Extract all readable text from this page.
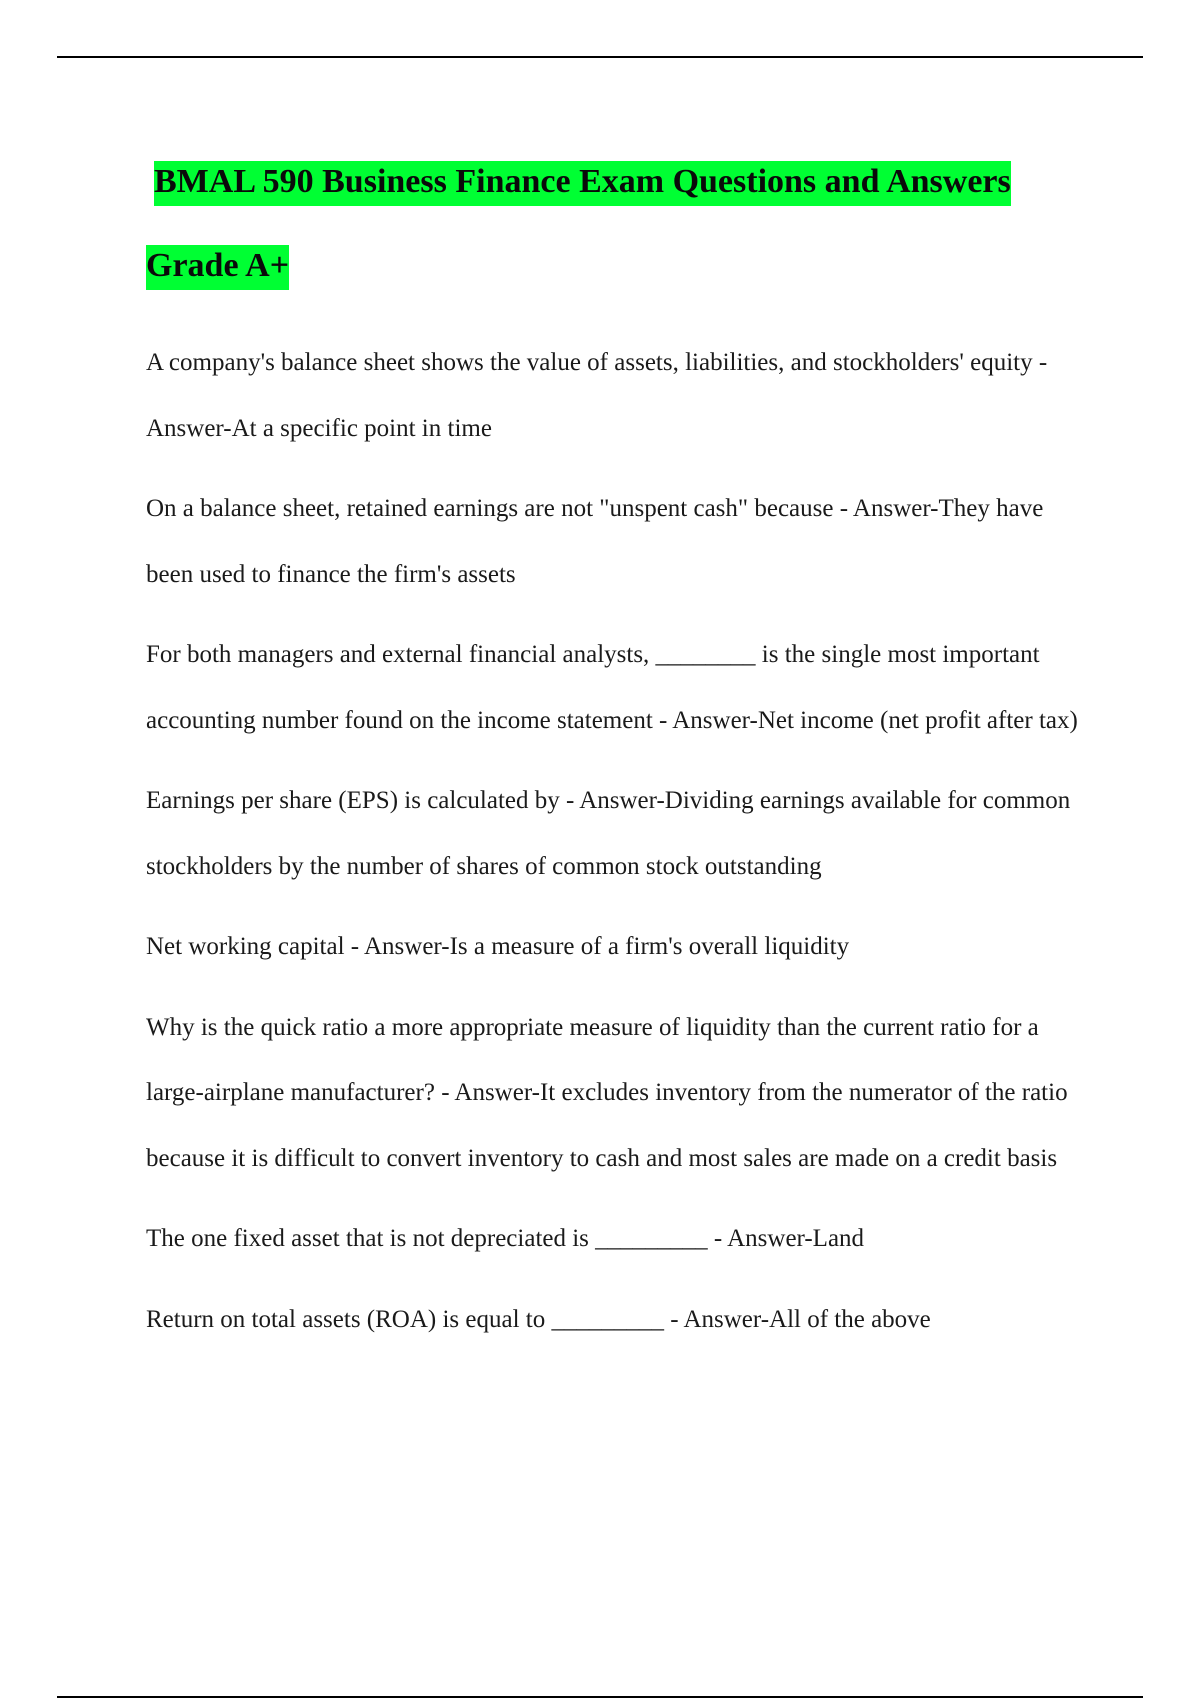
BMAL 590 Business Finance Exam Questions and Answers
Grade A+

A company's balance sheet shows the value of assets, liabilities, and stockholders' equity - Answer-At a specific point in time

On a balance sheet, retained earnings are not "unspent cash" because - Answer-They have been used to finance the firm's assets

For both managers and external financial analysts, ________ is the single most important accounting number found on the income statement - Answer-Net income (net profit after tax)

Earnings per share (EPS) is calculated by - Answer-Dividing earnings available for common stockholders by the number of shares of common stock outstanding

Net working capital - Answer-Is a measure of a firm's overall liquidity

Why is the quick ratio a more appropriate measure of liquidity than the current ratio for a large-airplane manufacturer? - Answer-It excludes inventory from the numerator of the ratio because it is difficult to convert inventory to cash and most sales are made on a credit basis

The one fixed asset that is not depreciated is _________ - Answer-Land

Return on total assets (ROA) is equal to _________ - Answer-All of the above
